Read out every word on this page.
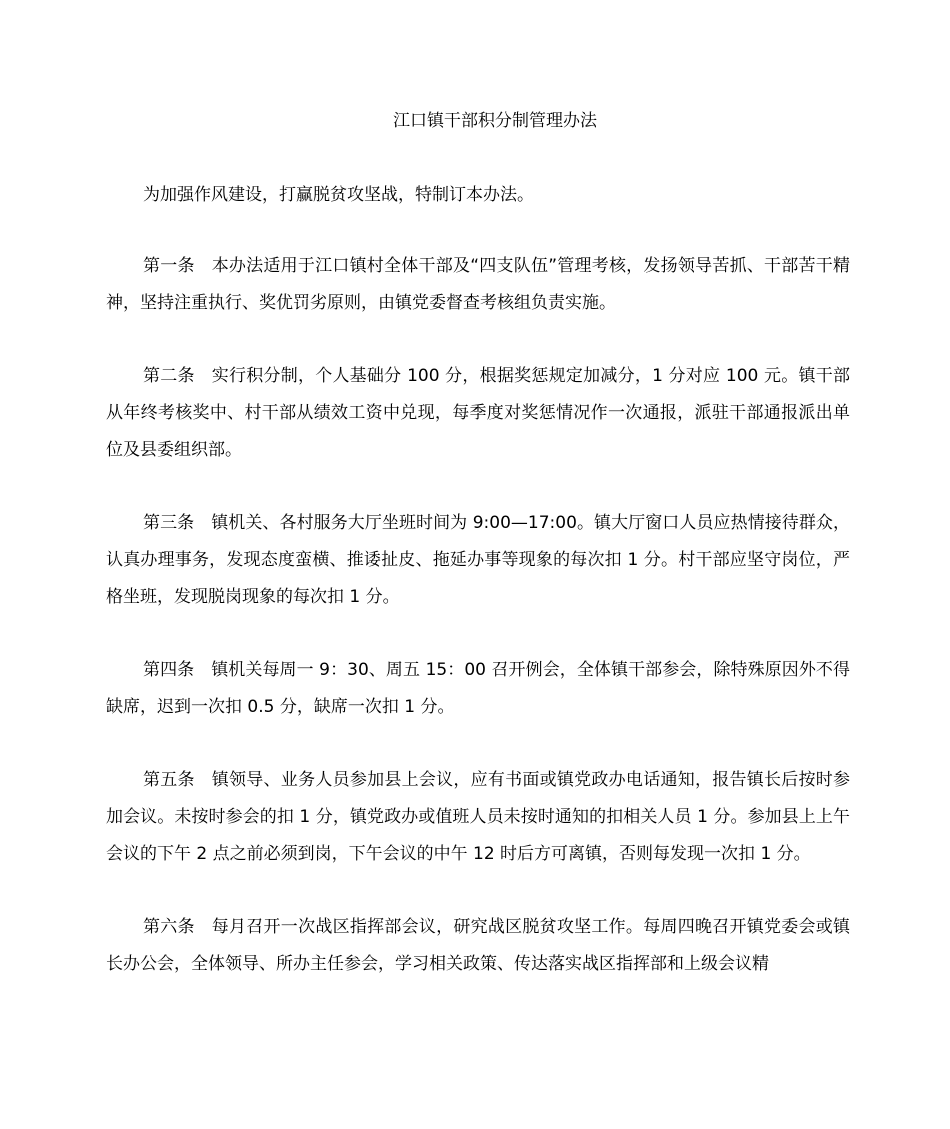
江口镇干部积分制管理办法

为加强作风建设，打赢脱贫攻坚战，特制订本办法。

第一条 本办法适用于江口镇村全体干部及“四支队伍”管理考核，发扬领导苦抓、干部苦干精神，坚持注重执行、奖优罚劣原则，由镇党委督查考核组负责实施。

第二条 实行积分制，个人基础分 100 分，根据奖惩规定加减分，1 分对应 100 元。镇干部从年终考核奖中、村干部从绩效工资中兑现，每季度对奖惩情况作一次通报，派驻干部通报派出单位及县委组织部。

第三条 镇机关、各村服务大厅坐班时间为 9:00—17:00。镇大厅窗口人员应热情接待群众，认真办理事务，发现态度蛮横、推诿扯皮、拖延办事等现象的每次扣 1 分。村干部应坚守岗位，严格坐班，发现脱岗现象的每次扣 1 分。

第四条 镇机关每周一 9：30、周五 15：00 召开例会，全体镇干部参会，除特殊原因外不得缺席，迟到一次扣 0.5 分，缺席一次扣 1 分。

第五条 镇领导、业务人员参加县上会议，应有书面或镇党政办电话通知，报告镇长后按时参加会议。未按时参会的扣 1 分，镇党政办或值班人员未按时通知的扣相关人员 1 分。参加县上上午会议的下午 2 点之前必须到岗，下午会议的中午 12 时后方可离镇，否则每发现一次扣 1 分。

第六条 每月召开一次战区指挥部会议，研究战区脱贫攻坚工作。每周四晚召开镇党委会或镇长办公会，全体领导、所办主任参会，学习相关政策、传达落实战区指挥部和上级会议精
